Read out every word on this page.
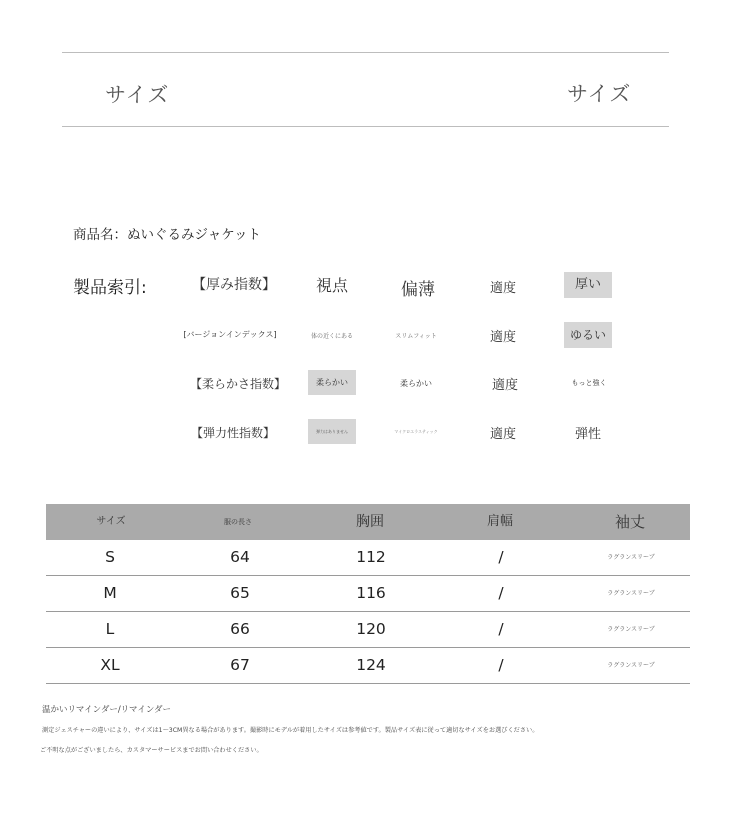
サイズ	サイズ
商品名：ぬいぐるみジャケット
製品索引:	【厚み指数】	視点	偏薄	適度	厚い
[バージョンインデックス]	体の近くにある	スリムフィット	適度	ゆるい
【柔らかさ指数】	柔らかい	柔らかい	適度	もっと強く
【弾力性指数】	弾力はありません	マイクロエラスティック	適度	弾性
サイズ	服の長さ	胸囲	肩幅	袖丈
S	64	112	/	ラグランスリーブ
M	65	116	/	ラグランスリーブ
L	66	120	/	ラグランスリーブ
XL	67	124	/	ラグランスリーブ
温かいリマインダー/リマインダー
測定ジェスチャーの違いにより、サイズは1～3CM異なる場合があります。撮影時にモデルが着用したサイズは参考値です。製品サイズ表に従って適切なサイズをお選びください。
ご不明な点がございましたら、カスタマーサービスまでお問い合わせください。
